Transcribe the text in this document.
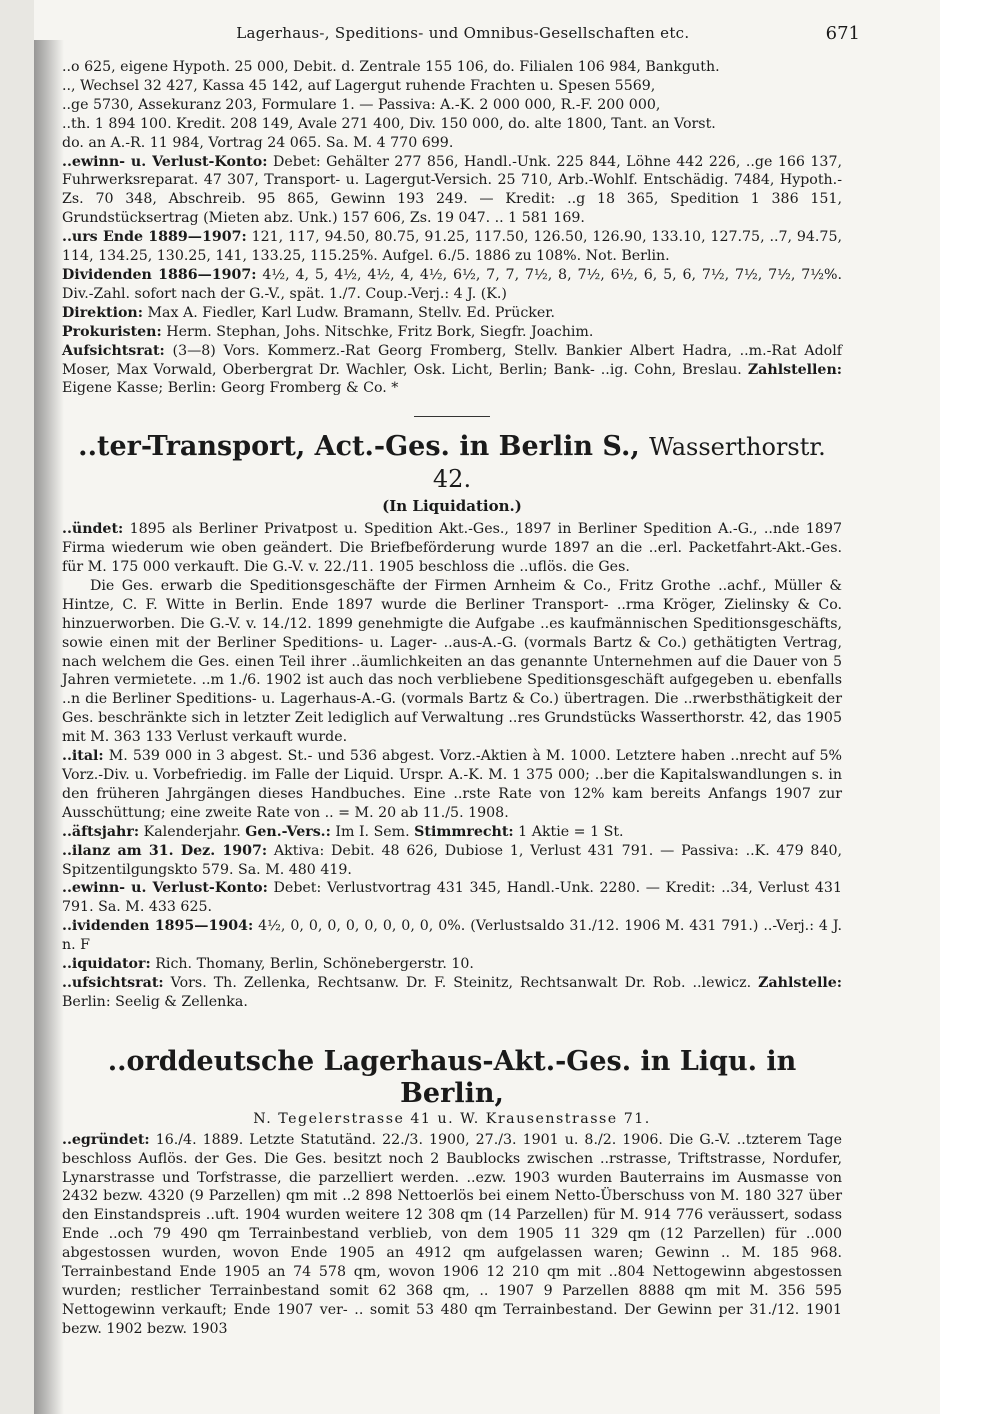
Lagerhaus-, Speditions- und Omnibus-Gesellschaften etc.	671

..o 625, eigene Hypoth. 25 000, Debit. d. Zentrale 155 106, do. Filialen 106 984, Bankguth.

.., Wechsel 32 427, Kassa 45 142, auf Lagergut ruhende Frachten u. Spesen 5569,

..ge 5730, Assekuranz 203, Formulare 1. — Passiva: A.-K. 2 000 000, R.-F. 200 000,

..th. 1 894 100. Kredit. 208 149, Avale 271 400, Div. 150 000, do. alte 1800, Tant. an Vorst.

do. an A.-R. 11 984, Vortrag 24 065. Sa. M. 4 770 699.

..ewinn- u. Verlust-Konto: Debet: Gehälter 277 856, Handl.-Unk. 225 844, Löhne 442 226, ..ge 166 137, Fuhrwerksreparat. 47 307, Transport- u. Lagergut-Versich. 25 710, Arb.-Wohlf. Entschädig. 7484, Hypoth.-Zs. 70 348, Abschreib. 95 865, Gewinn 193 249. — Kredit: ..g 18 365, Spedition 1 386 151, Grundstücksertrag (Mieten abz. Unk.) 157 606, Zs. 19 047. .. 1 581 169.

..urs Ende 1889—1907: 121, 117, 94.50, 80.75, 91.25, 117.50, 126.50, 126.90, 133.10, 127.75, ..7, 94.75, 114, 134.25, 130.25, 141, 133.25, 115.25%. Aufgel. 6./5. 1886 zu 108%. Not. Berlin.

Dividenden 1886—1907: 4½, 4, 5, 4½, 4½, 4, 4½, 6½, 7, 7, 7½, 8, 7½, 6½, 6, 5, 6, 7½, 7½, 7½, 7½%. Div.-Zahl. sofort nach der G.-V., spät. 1./7. Coup.-Verj.: 4 J. (K.)

Direktion: Max A. Fiedler, Karl Ludw. Bramann, Stellv. Ed. Prücker.

Prokuristen: Herm. Stephan, Johs. Nitschke, Fritz Bork, Siegfr. Joachim.

Aufsichtsrat: (3—8) Vors. Kommerz.-Rat Georg Fromberg, Stellv. Bankier Albert Hadra, ..m.-Rat Adolf Moser, Max Vorwald, Oberbergrat Dr. Wachler, Osk. Licht, Berlin; Bank- ..ig. Cohn, Breslau. Zahlstellen: Eigene Kasse; Berlin: Georg Fromberg & Co. *

..ter-Transport, Act.-Ges. in Berlin S., Wasserthorstr. 42.
(In Liquidation.)

..ündet: 1895 als Berliner Privatpost u. Spedition Akt.-Ges., 1897 in Berliner Spedition A.-G., ..nde 1897 Firma wiederum wie oben geändert. Die Briefbeförderung wurde 1897 an die ..erl. Packetfahrt-Akt.-Ges. für M. 175 000 verkauft. Die G.-V. v. 22./11. 1905 beschloss die ..uflös. die Ges.

Die Ges. erwarb die Speditionsgeschäfte der Firmen Arnheim & Co., Fritz Grothe ..achf., Müller & Hintze, C. F. Witte in Berlin. Ende 1897 wurde die Berliner Transport- ..rma Kröger, Zielinsky & Co. hinzuerworben. Die G.-V. v. 14./12. 1899 genehmigte die Aufgabe ..es kaufmännischen Speditionsgeschäfts, sowie einen mit der Berliner Speditions- u. Lager- ..aus-A.-G. (vormals Bartz & Co.) gethätigten Vertrag, nach welchem die Ges. einen Teil ihrer ..äumlichkeiten an das genannte Unternehmen auf die Dauer von 5 Jahren vermietete. ..m 1./6. 1902 ist auch das noch verbliebene Speditionsgeschäft aufgegeben u. ebenfalls ..n die Berliner Speditions- u. Lagerhaus-A.-G. (vormals Bartz & Co.) übertragen. Die ..rwerbsthätigkeit der Ges. beschränkte sich in letzter Zeit lediglich auf Verwaltung ..res Grundstücks Wasserthorstr. 42, das 1905 mit M. 363 133 Verlust verkauft wurde.

..ital: M. 539 000 in 3 abgest. St.- und 536 abgest. Vorz.-Aktien à M. 1000. Letztere haben ..nrecht auf 5% Vorz.-Div. u. Vorbefriedig. im Falle der Liquid. Urspr. A.-K. M. 1 375 000; ..ber die Kapitalswandlungen s. in den früheren Jahrgängen dieses Handbuches. Eine ..rste Rate von 12% kam bereits Anfangs 1907 zur Ausschüttung; eine zweite Rate von .. = M. 20 ab 11./5. 1908.

..äftsjahr: Kalenderjahr. Gen.-Vers.: Im I. Sem. Stimmrecht: 1 Aktie = 1 St.

..ilanz am 31. Dez. 1907: Aktiva: Debit. 48 626, Dubiose 1, Verlust 431 791. — Passiva: ..K. 479 840, Spitzentilgungskto 579. Sa. M. 480 419.

..ewinn- u. Verlust-Konto: Debet: Verlustvortrag 431 345, Handl.-Unk. 2280. — Kredit: ..34, Verlust 431 791. Sa. M. 433 625.

..ividenden 1895—1904: 4½, 0, 0, 0, 0, 0, 0, 0, 0, 0%. (Verlustsaldo 31./12. 1906 M. 431 791.) ..-Verj.: 4 J. n. F

..iquidator: Rich. Thomany, Berlin, Schönebergerstr. 10.

..ufsichtsrat: Vors. Th. Zellenka, Rechtsanw. Dr. F. Steinitz, Rechtsanwalt Dr. Rob. ..lewicz. Zahlstelle: Berlin: Seelig & Zellenka.

..orddeutsche Lagerhaus-Akt.-Ges. in Liqu. in Berlin,
N. Tegelerstrasse 41 u. W. Krausenstrasse 71.

..egründet: 16./4. 1889. Letzte Statutänd. 22./3. 1900, 27./3. 1901 u. 8./2. 1906. Die G.-V. ..tzterem Tage beschloss Auflös. der Ges. Die Ges. besitzt noch 2 Baublocks zwischen ..rstrasse, Triftstrasse, Nordufer, Lynarstrasse und Torfstrasse, die parzelliert werden. ..ezw. 1903 wurden Bauterrains im Ausmasse von 2432 bezw. 4320 (9 Parzellen) qm mit ..2 898 Nettoerlös bei einem Netto-Überschuss von M. 180 327 über den Einstandspreis ..uft. 1904 wurden weitere 12 308 qm (14 Parzellen) für M. 914 776 veräussert, sodass Ende ..och 79 490 qm Terrainbestand verblieb, von dem 1905 11 329 qm (12 Parzellen) für ..000 abgestossen wurden, wovon Ende 1905 an 4912 qm aufgelassen waren; Gewinn .. M. 185 968. Terrainbestand Ende 1905 an 74 578 qm, wovon 1906 12 210 qm mit ..804 Nettogewinn abgestossen wurden; restlicher Terrainbestand somit 62 368 qm, .. 1907 9 Parzellen 8888 qm mit M. 356 595 Nettogewinn verkauft; Ende 1907 ver- .. somit 53 480 qm Terrainbestand. Der Gewinn per 31./12. 1901 bezw. 1902 bezw. 1903
